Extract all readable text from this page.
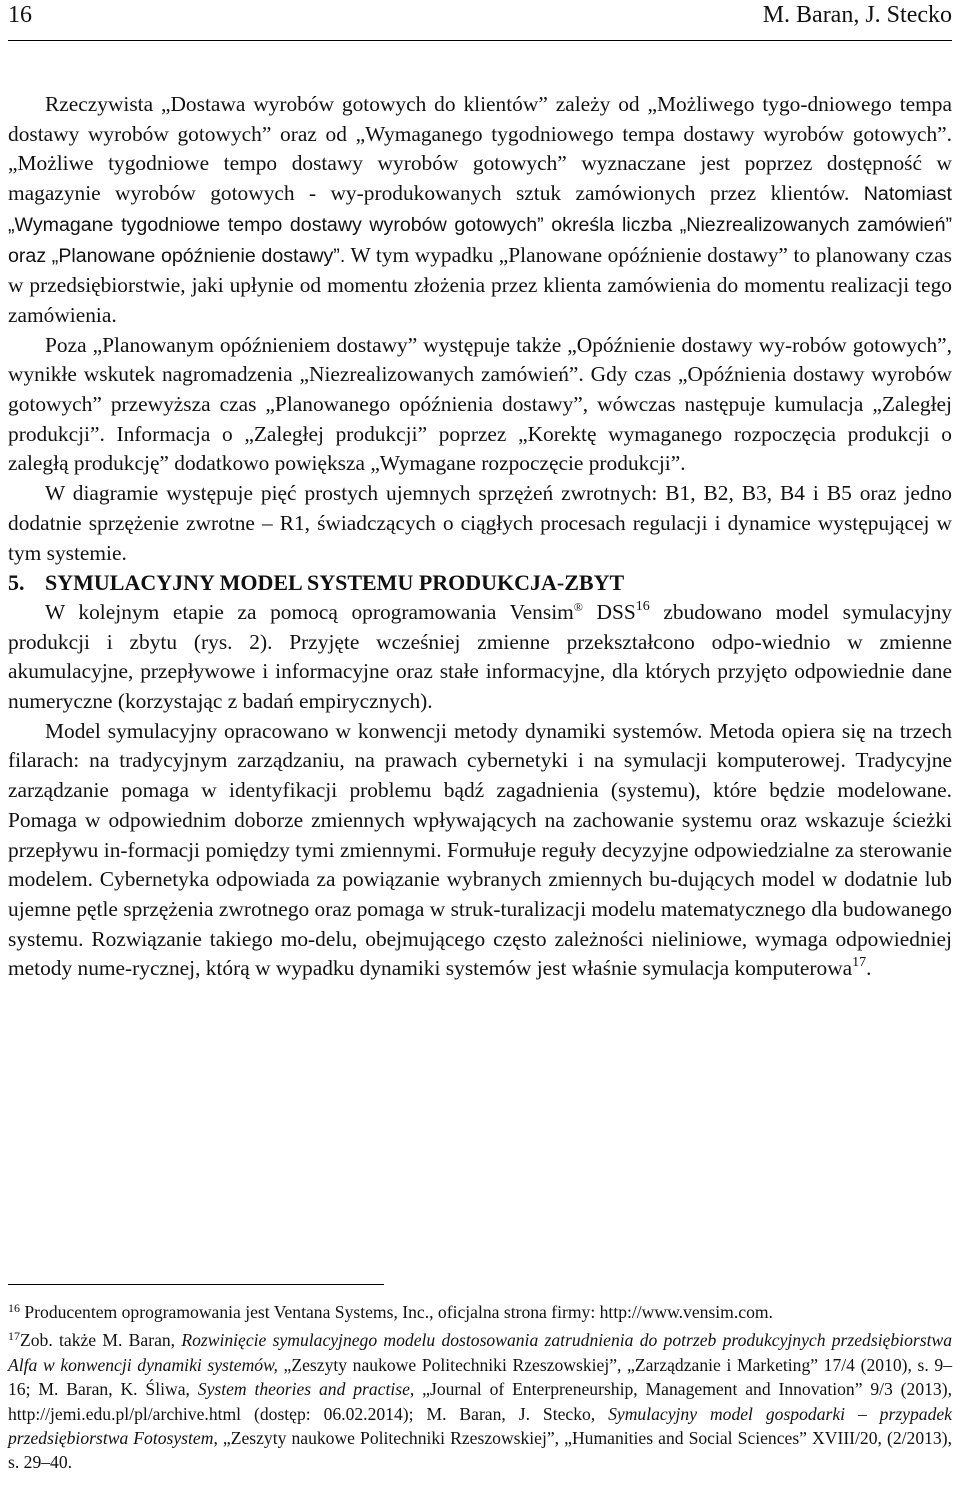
16	M. Baran, J. Stecko

Rzeczywista „Dostawa wyrobów gotowych do klientów” zależy od „Możliwego tygo-dniowego tempa dostawy wyrobów gotowych” oraz od „Wymaganego tygodniowego tempa dostawy wyrobów gotowych”. „Możliwe tygodniowe tempo dostawy wyrobów gotowych” wyznaczane jest poprzez dostępność w magazynie wyrobów gotowych - wy-produkowanych sztuk zamówionych przez klientów. Natomiast „Wymagane tygodniowe tempo dostawy wyrobów gotowych” określa liczba „Niezrealizowanych zamówień” oraz „Planowane opóźnienie dostawy”. W tym wypadku „Planowane opóźnienie dostawy” to planowany czas w przedsiębiorstwie, jaki upłynie od momentu złożenia przez klienta zamówienia do momentu realizacji tego zamówienia.

Poza „Planowanym opóźnieniem dostawy” występuje także „Opóźnienie dostawy wy-robów gotowych”, wynikłe wskutek nagromadzenia „Niezrealizowanych zamówień”. Gdy czas „Opóźnienia dostawy wyrobów gotowych” przewyższa czas „Planowanego opóźnienia dostawy”, wówczas następuje kumulacja „Zaległej produkcji”. Informacja o „Zaległej produkcji” poprzez „Korektę wymaganego rozpoczęcia produkcji o zaległą produkcję” dodatkowo powiększa „Wymagane rozpoczęcie produkcji”.

W diagramie występuje pięć prostych ujemnych sprzężeń zwrotnych: B1, B2, B3, B4 i B5 oraz jedno dodatnie sprzężenie zwrotne – R1, świadczących o ciągłych procesach regulacji i dynamice występującej w tym systemie.

5. SYMULACYJNY MODEL SYSTEMU PRODUKCJA-ZBYT

W kolejnym etapie za pomocą oprogramowania Vensim® DSS$^{16}$ zbudowano model symulacyjny produkcji i zbytu (rys. 2). Przyjęte wcześniej zmienne przekształcono odpo-wiednio w zmienne akumulacyjne, przepływowe i informacyjne oraz stałe informacyjne, dla których przyjęto odpowiednie dane numeryczne (korzystając z badań empirycznych).

Model symulacyjny opracowano w konwencji metody dynamiki systemów. Metoda opiera się na trzech filarach: na tradycyjnym zarządzaniu, na prawach cybernetyki i na symulacji komputerowej. Tradycyjne zarządzanie pomaga w identyfikacji problemu bądź zagadnienia (systemu), które będzie modelowane. Pomaga w odpowiednim doborze zmiennych wpływających na zachowanie systemu oraz wskazuje ścieżki przepływu in-formacji pomiędzy tymi zmiennymi. Formułuje reguły decyzyjne odpowiedzialne za sterowanie modelem. Cybernetyka odpowiada za powiązanie wybranych zmiennych bu-dujących model w dodatnie lub ujemne pętle sprzężenia zwrotnego oraz pomaga w struk-turalizacji modelu matematycznego dla budowanego systemu. Rozwiązanie takiego mo-delu, obejmującego często zależności nieliniowe, wymaga odpowiedniej metody nume-rycznej, którą w wypadku dynamiki systemów jest właśnie symulacja komputerowa$^{17}$.

$^{16}$ Producentem oprogramowania jest Ventana Systems, Inc., oficjalna strona firmy: http://www.vensim.com.

$^{17}$Zob. także M. Baran, Rozwinięcie symulacyjnego modelu dostosowania zatrudnienia do potrzeb produkcyjnych przedsiębiorstwa Alfa w konwencji dynamiki systemów, „Zeszyty naukowe Politechniki Rzeszowskiej”, „Zarządzanie i Marketing” 17/4 (2010), s. 9–16; M. Baran, K. Śliwa, System theories and practise, „Journal of Enterpreneurship, Management and Innovation” 9/3 (2013), http://jemi.edu.pl/pl/archive.html (dostęp: 06.02.2014); M. Baran, J. Stecko, Symulacyjny model gospodarki – przypadek przedsiębiorstwa Fotosystem, „Zeszyty naukowe Politechniki Rzeszowskiej”, „Humanities and Social Sciences” XVIII/20, (2/2013), s. 29–40.
